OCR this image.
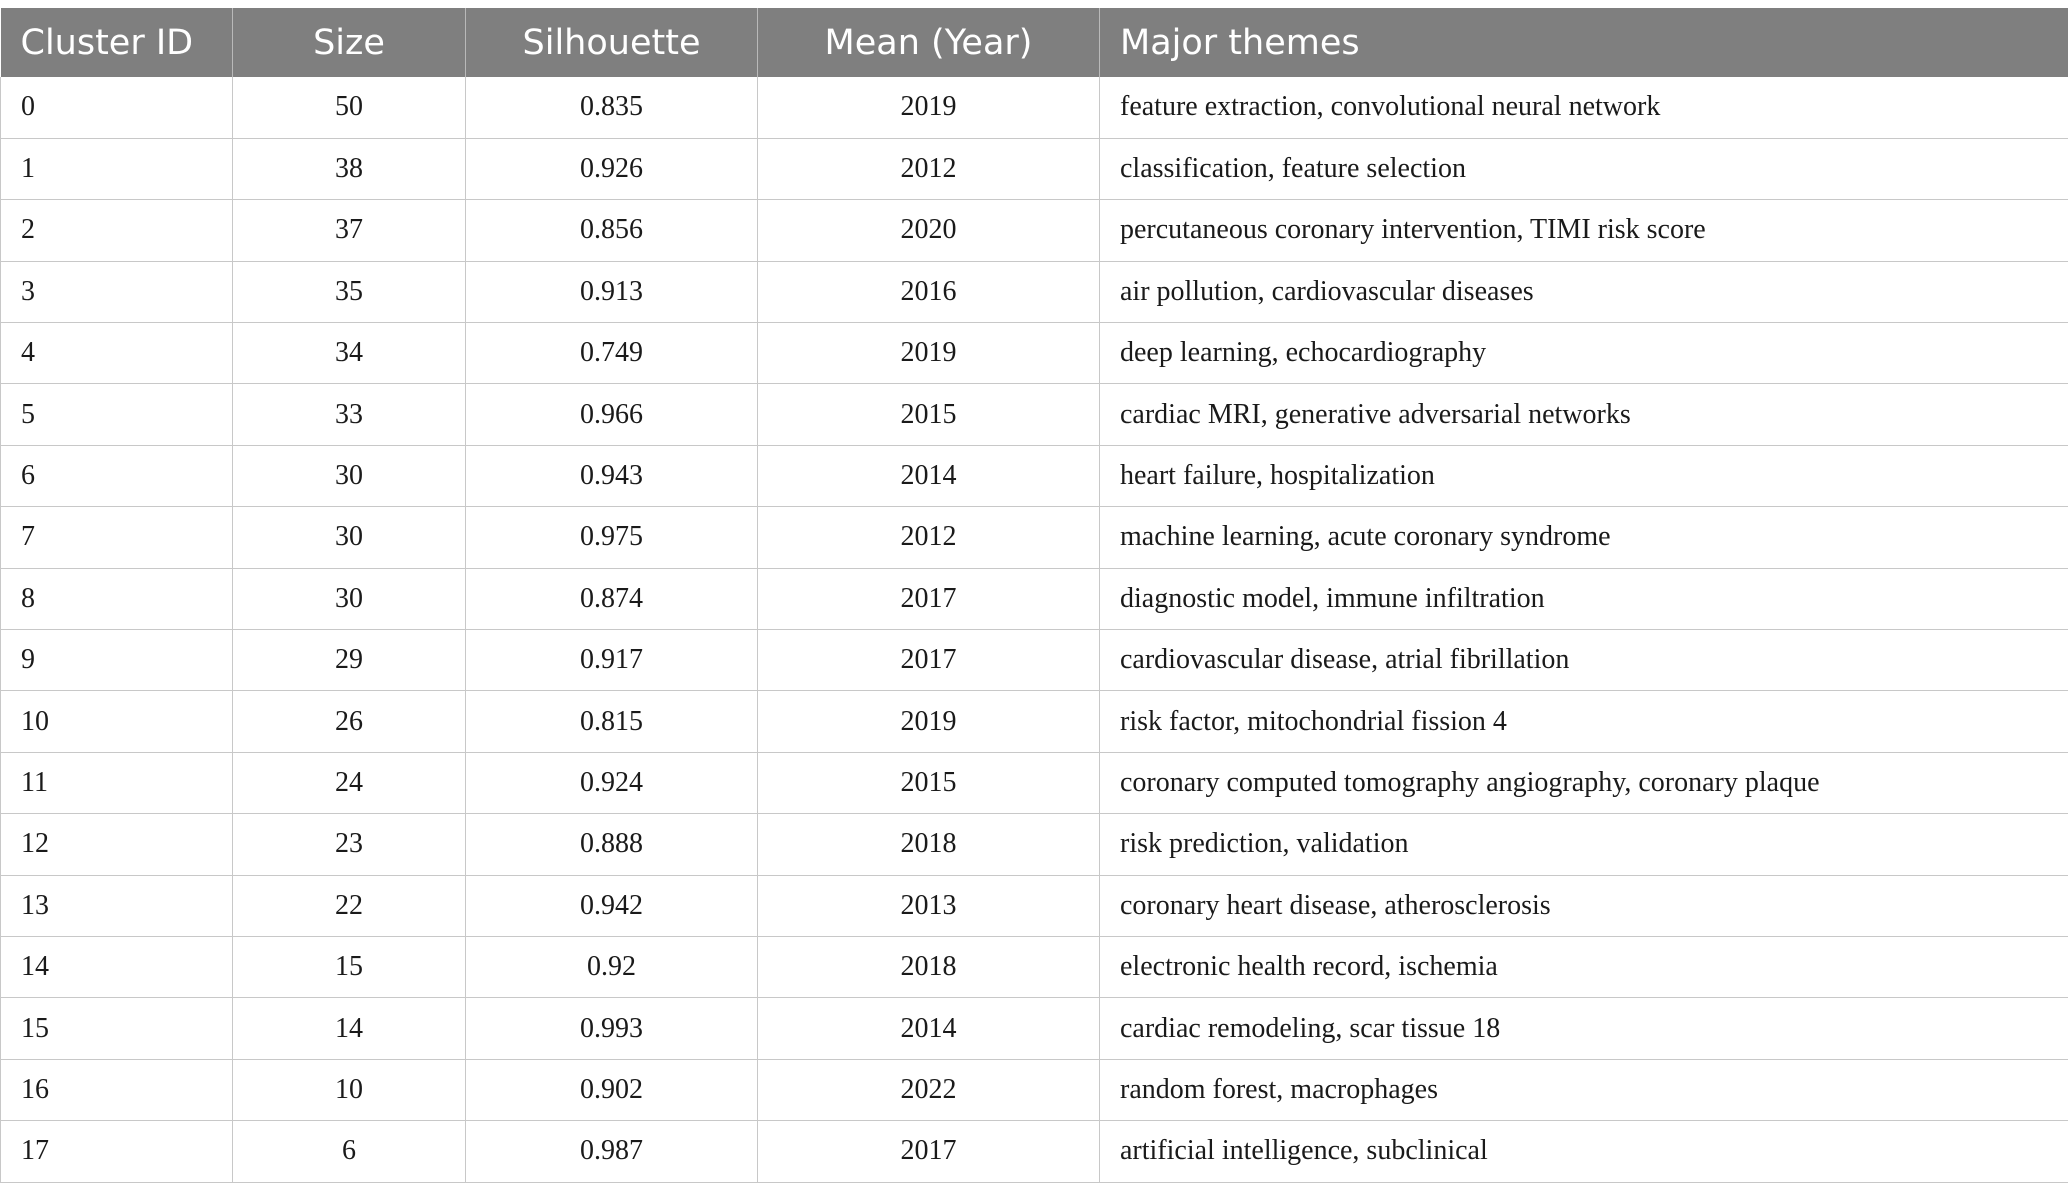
Cluster ID	Size	Silhouette	Mean (Year)	Major themes
0	50	0.835	2019	feature extraction, convolutional neural network
1	38	0.926	2012	classification, feature selection
2	37	0.856	2020	percutaneous coronary intervention, TIMI risk score
3	35	0.913	2016	air pollution, cardiovascular diseases
4	34	0.749	2019	deep learning, echocardiography
5	33	0.966	2015	cardiac MRI, generative adversarial networks
6	30	0.943	2014	heart failure, hospitalization
7	30	0.975	2012	machine learning, acute coronary syndrome
8	30	0.874	2017	diagnostic model, immune infiltration
9	29	0.917	2017	cardiovascular disease, atrial fibrillation
10	26	0.815	2019	risk factor, mitochondrial fission 4
11	24	0.924	2015	coronary computed tomography angiography, coronary plaque
12	23	0.888	2018	risk prediction, validation
13	22	0.942	2013	coronary heart disease, atherosclerosis
14	15	0.92	2018	electronic health record, ischemia
15	14	0.993	2014	cardiac remodeling, scar tissue 18
16	10	0.902	2022	random forest, macrophages
17	6	0.987	2017	artificial intelligence, subclinical
